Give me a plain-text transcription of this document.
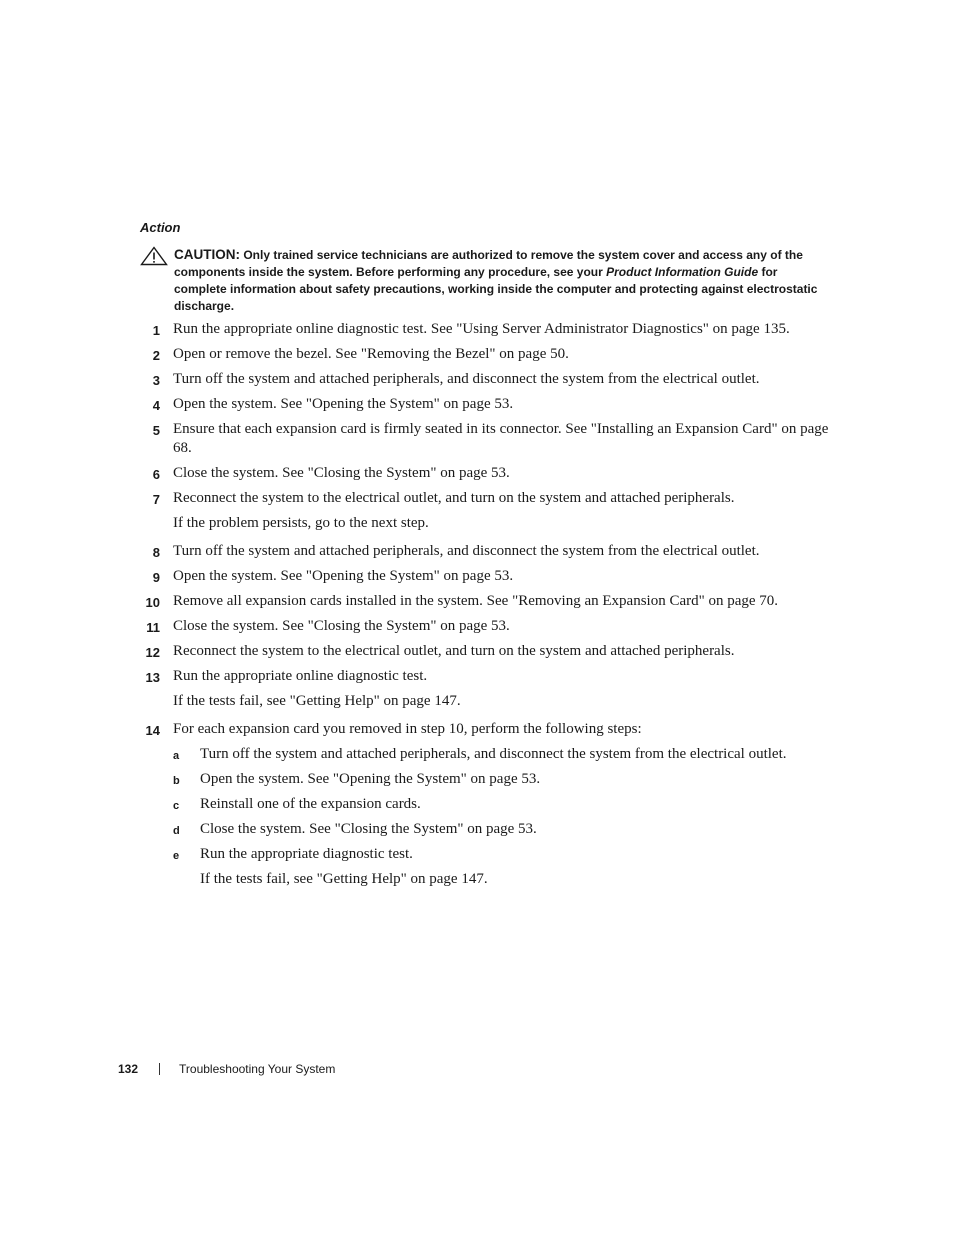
Action
CAUTION: Only trained service technicians are authorized to remove the system cover and access any of the components inside the system. Before performing any procedure, see your Product Information Guide for complete information about safety precautions, working inside the computer and protecting against electrostatic discharge.
1 Run the appropriate online diagnostic test. See "Using Server Administrator Diagnostics" on page 135.
2 Open or remove the bezel. See "Removing the Bezel" on page 50.
3 Turn off the system and attached peripherals, and disconnect the system from the electrical outlet.
4 Open the system. See "Opening the System" on page 53.
5 Ensure that each expansion card is firmly seated in its connector. See "Installing an Expansion Card" on page 68.
6 Close the system. See "Closing the System" on page 53.
7 Reconnect the system to the electrical outlet, and turn on the system and attached peripherals.
If the problem persists, go to the next step.
8 Turn off the system and attached peripherals, and disconnect the system from the electrical outlet.
9 Open the system. See "Opening the System" on page 53.
10 Remove all expansion cards installed in the system. See "Removing an Expansion Card" on page 70.
11 Close the system. See "Closing the System" on page 53.
12 Reconnect the system to the electrical outlet, and turn on the system and attached peripherals.
13 Run the appropriate online diagnostic test.
If the tests fail, see "Getting Help" on page 147.
14 For each expansion card you removed in step 10, perform the following steps:
a Turn off the system and attached peripherals, and disconnect the system from the electrical outlet.
b Open the system. See "Opening the System" on page 53.
c Reinstall one of the expansion cards.
d Close the system. See "Closing the System" on page 53.
e Run the appropriate diagnostic test.
If the tests fail, see "Getting Help" on page 147.
132	Troubleshooting Your System
